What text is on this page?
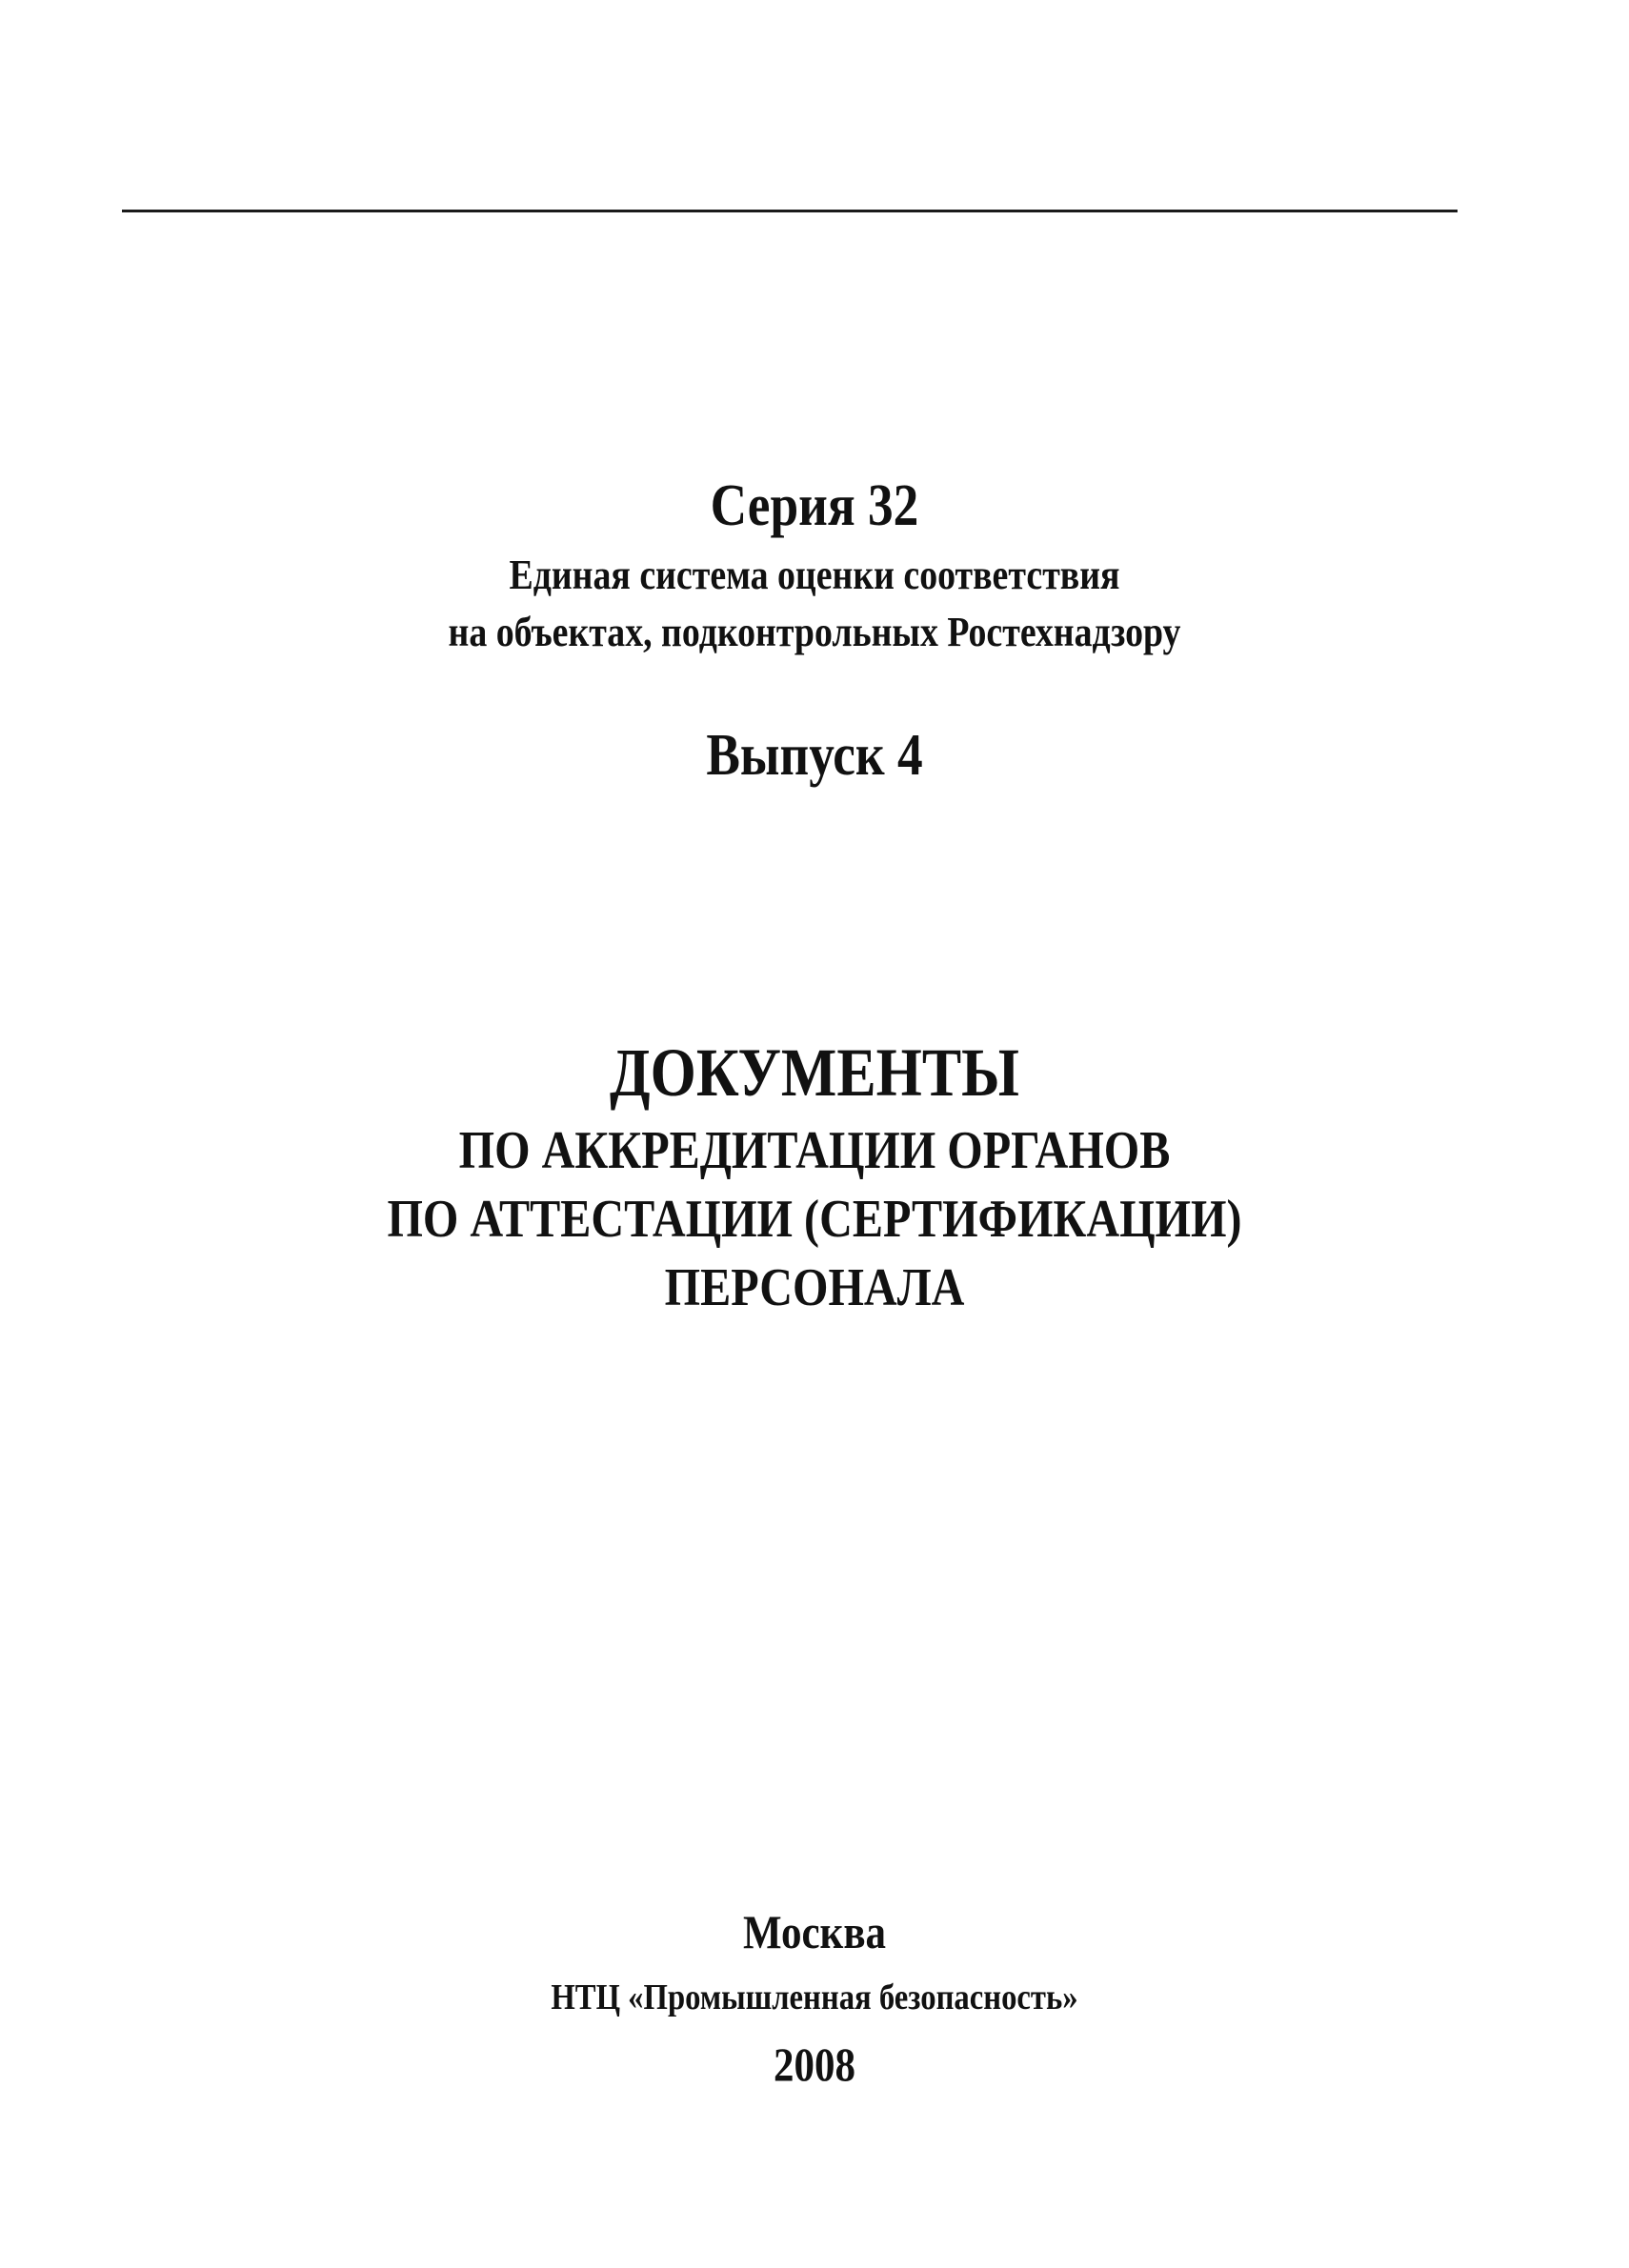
Серия 32
Единая система оценки соответствия
на объектах, подконтрольных Ростехнадзору
Выпуск 4
ДОКУМЕНТЫ
ПО АККРЕДИТАЦИИ ОРГАНОВ
ПО АТТЕСТАЦИИ (СЕРТИФИКАЦИИ)
ПЕРСОНАЛА
Москва
НТЦ «Промышленная безопасность»
2008
